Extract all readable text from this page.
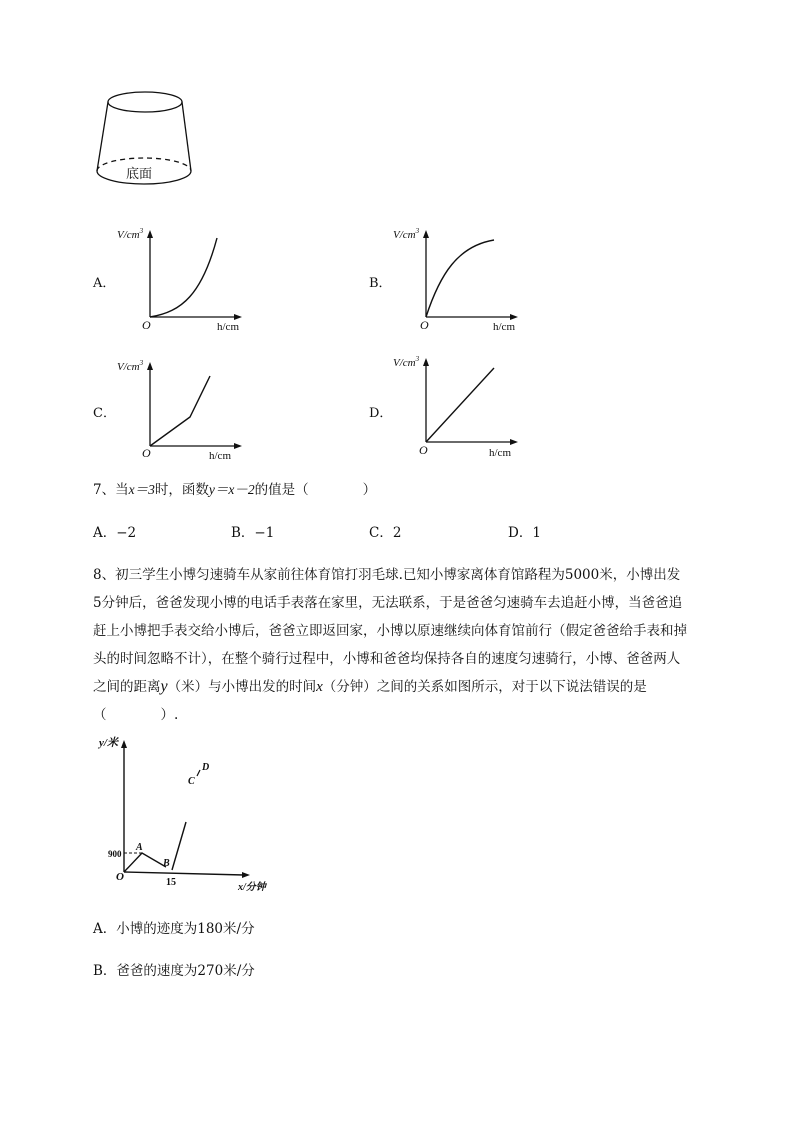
底面
A．
$V/cm^3$
O	h/cm
B．
$V/cm^3$
O	h/cm
C．
$V/cm^3$
O	h/cm
D．
$V/cm^3$
O	h/cm
7、当x＝3时，函数y＝x－2的值是（　　　　）
A．−2	B．−1	C．2	D．1
8、初三学生小博匀速骑车从家前往体育馆打羽毛球.已知小博家离体育馆路程为5000米，小博出发
5分钟后，爸爸发现小博的电话手表落在家里，无法联系，于是爸爸匀速骑车去追赶小博，当爸爸追
赶上小博把手表交给小博后，爸爸立即返回家，小博以原速继续向体育馆前行（假定爸爸给手表和掉
头的时间忽略不计），在整个骑行过程中，小博和爸爸均保持各自的速度匀速骑行，小博、爸爸两人
之间的距离y（米）与小博出发的时间x（分钟）之间的关系如图所示，对于以下说法错误的是
（　　　　）.
y/米
O
900
15
A
B
C
D
x/分钟
A．小博的迹度为180米/分
B．爸爸的速度为270米/分
